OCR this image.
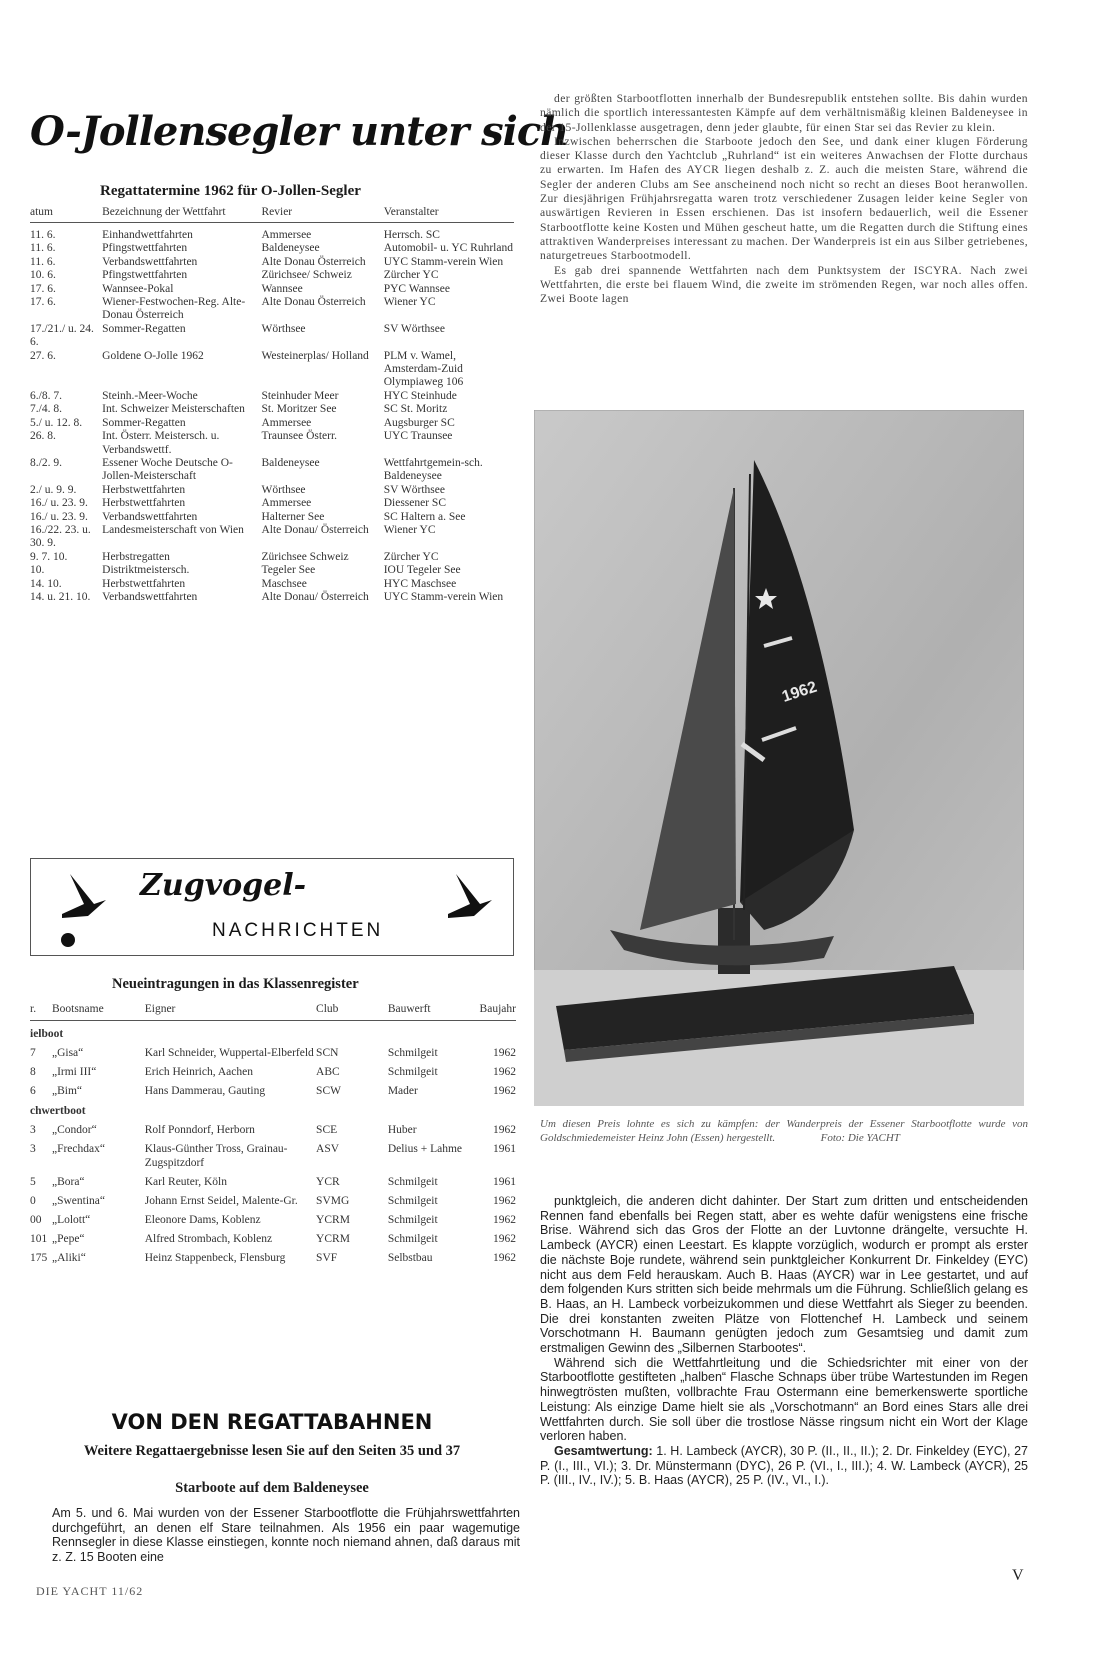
O-Jollensegler unter sich
Regattatermine 1962 für O-Jollen-Segler
atum	Bezeichnung der Wettfahrt	Revier	Veranstalter
11. 6.	Einhandwettfahrten	Ammersee	Herrsch. SC
11. 6.	Pfingstwettfahrten	Baldeneysee	Automobil- u. YC Ruhrland
11. 6.	Verbandswettfahrten	Alte Donau Österreich	UYC Stamm-verein Wien
10. 6.	Pfingstwettfahrten	Zürichsee/ Schweiz	Zürcher YC
17. 6.	Wannsee-Pokal	Wannsee	PYC Wannsee
17. 6.	Wiener-Festwochen-Reg. Alte-Donau Österreich	Alte Donau Österreich	Wiener YC
17./21./ u. 24. 6.	Sommer-Regatten	Wörthsee	SV Wörthsee
27. 6.	Goldene O-Jolle 1962	Westeinerplas/ Holland	PLM v. Wamel, Amsterdam-Zuid Olympiaweg 106
6./8. 7.	Steinh.-Meer-Woche	Steinhuder Meer	HYC Steinhude
7./4. 8.	Int. Schweizer Meisterschaften	St. Moritzer See	SC St. Moritz
5./ u. 12. 8.	Sommer-Regatten	Ammersee	Augsburger SC
26. 8.	Int. Österr. Meistersch. u. Verbandswettf.	Traunsee Österr.	UYC Traunsee
8./2. 9.	Essener Woche Deutsche O-Jollen-Meisterschaft	Baldeneysee	Wettfahrtgemein-sch. Baldeneysee
2./ u. 9. 9.	Herbstwettfahrten	Wörthsee	SV Wörthsee
16./ u. 23. 9.	Herbstwettfahrten	Ammersee	Diessener SC
16./ u. 23. 9.	Verbandswettfahrten	Halterner See	SC Haltern a. See
16./22. 23. u. 30. 9.	Landesmeisterschaft von Wien	Alte Donau/ Österreich	Wiener YC
9. 7. 10.	Herbstregatten	Zürichsee Schweiz	Zürcher YC
10.	Distriktmeistersch.	Tegeler See	IOU Tegeler See
14. 10.	Herbstwettfahrten	Maschsee	HYC Maschsee
14. u. 21. 10.	Verbandswettfahrten	Alte Donau/ Österreich	UYC Stamm-verein Wien
Zugvogel-
NACHRICHTEN
Neueintragungen in das Klassenregister
r.	Bootsname	Eigner	Club	Bauwerft	Baujahr
ielboot					
7	„Gisa“	Karl Schneider, Wuppertal-Elberfeld	SCN	Schmilgeit	1962
8	„Irmi III“	Erich Heinrich, Aachen	ABC	Schmilgeit	1962
6	„Bim“	Hans Dammerau, Gauting	SCW	Mader	1962
chwertboot					
3	„Condor“	Rolf Ponndorf, Herborn	SCE	Huber	1962
3	„Frechdax“	Klaus-Günther Tross, Grainau-Zugspitzdorf	ASV	Delius + Lahme	1961
5	„Bora“	Karl Reuter, Köln	YCR	Schmilgeit	1961
0	„Swentina“	Johann Ernst Seidel, Malente-Gr.	SVMG	Schmilgeit	1962
00	„Lolott“	Eleonore Dams, Koblenz	YCRM	Schmilgeit	1962
101	„Pepe“	Alfred Strombach, Koblenz	YCRM	Schmilgeit	1962
175	„Aliki“	Heinz Stappenbeck, Flensburg	SVF	Selbstbau	1962
VON DEN REGATTABAHNEN
Weitere Regattaergebnisse lesen Sie auf den Seiten 35 und 37
Starboote auf dem Baldeneysee
Am 5. und 6. Mai wurden von der Essener Starbootflotte die Frühjahrswettfahrten durchgeführt, an denen elf Stare teilnahmen. Als 1956 ein paar wagemutige Rennsegler in diese Klasse einstiegen, konnte noch niemand ahnen, daß daraus mit z. Z. 15 Booten eine
DIE YACHT 11/62

der größten Starbootflotten innerhalb der Bundesrepublik entstehen sollte. Bis dahin wurden nämlich die sportlich interessantesten Kämpfe auf dem verhältnismäßig kleinen Baldeneysee in der 15-Jollenklasse ausgetragen, denn jeder glaubte, für einen Star sei das Revier zu klein.

Inzwischen beherrschen die Starboote jedoch den See, und dank einer klugen Förderung dieser Klasse durch den Yachtclub „Ruhrland“ ist ein weiteres Anwachsen der Flotte durchaus zu erwarten. Im Hafen des AYCR liegen deshalb z. Z. auch die meisten Stare, während die Segler der anderen Clubs am See anscheinend noch nicht so recht an dieses Boot heranwollen. Zur diesjährigen Frühjahrsregatta waren trotz verschiedener Zusagen leider keine Segler von auswärtigen Revieren in Essen erschienen. Das ist insofern bedauerlich, weil die Essener Starbootflotte keine Kosten und Mühen gescheut hatte, um die Regatten durch die Stiftung eines attraktiven Wanderpreises interessant zu machen. Der Wanderpreis ist ein aus Silber getriebenes, naturgetreues Starbootmodell.

Es gab drei spannende Wettfahrten nach dem Punktsystem der ISCYRA. Nach zwei Wettfahrten, die erste bei flauem Wind, die zweite im strömenden Regen, war noch alles offen. Zwei Boote lagen

1962
Um diesen Preis lohnte es sich zu kämpfen: der Wanderpreis der Essener Starbootflotte wurde von Goldschmiedemeister Heinz John (Essen) hergestellt.	Foto: Die YACHT

punktgleich, die anderen dicht dahinter. Der Start zum dritten und entscheidenden Rennen fand ebenfalls bei Regen statt, aber es wehte dafür wenigstens eine frische Brise. Während sich das Gros der Flotte an der Luvtonne drängelte, versuchte H. Lambeck (AYCR) einen Leestart. Es klappte vorzüglich, wodurch er prompt als erster die nächste Boje rundete, während sein punktgleicher Konkurrent Dr. Finkeldey (EYC) nicht aus dem Feld herauskam. Auch B. Haas (AYCR) war in Lee gestartet, und auf dem folgenden Kurs stritten sich beide mehrmals um die Führung. Schließlich gelang es B. Haas, an H. Lambeck vorbeizukommen und diese Wettfahrt als Sieger zu beenden. Die drei konstanten zweiten Plätze von Flottenchef H. Lambeck und seinem Vorschotmann H. Baumann genügten jedoch zum Gesamtsieg und damit zum erstmaligen Gewinn des „Silbernen Starbootes“.

Während sich die Wettfahrtleitung und die Schiedsrichter mit einer von der Starbootflotte gestifteten „halben“ Flasche Schnaps über trübe Wartestunden im Regen hinwegtrösten mußten, vollbrachte Frau Ostermann eine bemerkenswerte sportliche Leistung: Als einzige Dame hielt sie als „Vorschotmann“ an Bord eines Stars alle drei Wettfahrten durch. Sie soll über die trostlose Nässe ringsum nicht ein Wort der Klage verloren haben.

Gesamtwertung: 1. H. Lambeck (AYCR), 30 P. (II., II., II.); 2. Dr. Finkeldey (EYC), 27 P. (I., III., VI.); 3. Dr. Münstermann (DYC), 26 P. (VI., I., III.); 4. W. Lambeck (AYCR), 25 P. (III., IV., IV.); 5. B. Haas (AYCR), 25 P. (IV., VI., I.).

V
